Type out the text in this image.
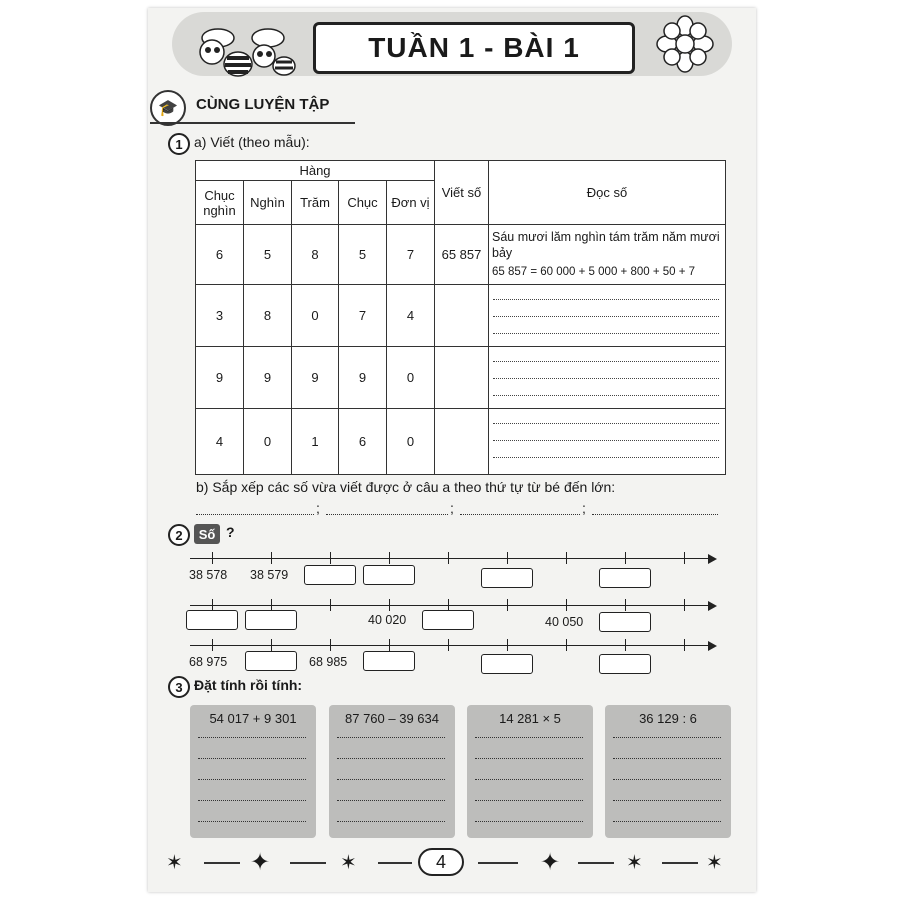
TUẦN 1 - BÀI 1
🎓	CÙNG LUYỆN TẬP
1 a) Viết (theo mẫu):
Hàng					Viết số	Đọc số
Chục nghìn	Nghìn	Trăm	Chục	Đơn vị		
6	5	8	5	7	65 857	Sáu mươi lăm nghìn tám trăm năm mươi bảy
65 857 = 60 000 + 5 000 + 800 + 50 + 7

3	8	0	7	4		

9	9	9	9	0		

4	0	1	6	0		
b) Sắp xếp các số vừa viết được ở câu a theo thứ tự từ bé đến lớn:
;	;	;
2	Số ?
38 578 38 579
40 020	40 050
68 975	68 985
3 Đặt tính rồi tính:
54 017 + 9 301	87 760 – 39 634	14 281 × 5	36 129 : 6
✶	✦	✶	4	✦	✶	✶
